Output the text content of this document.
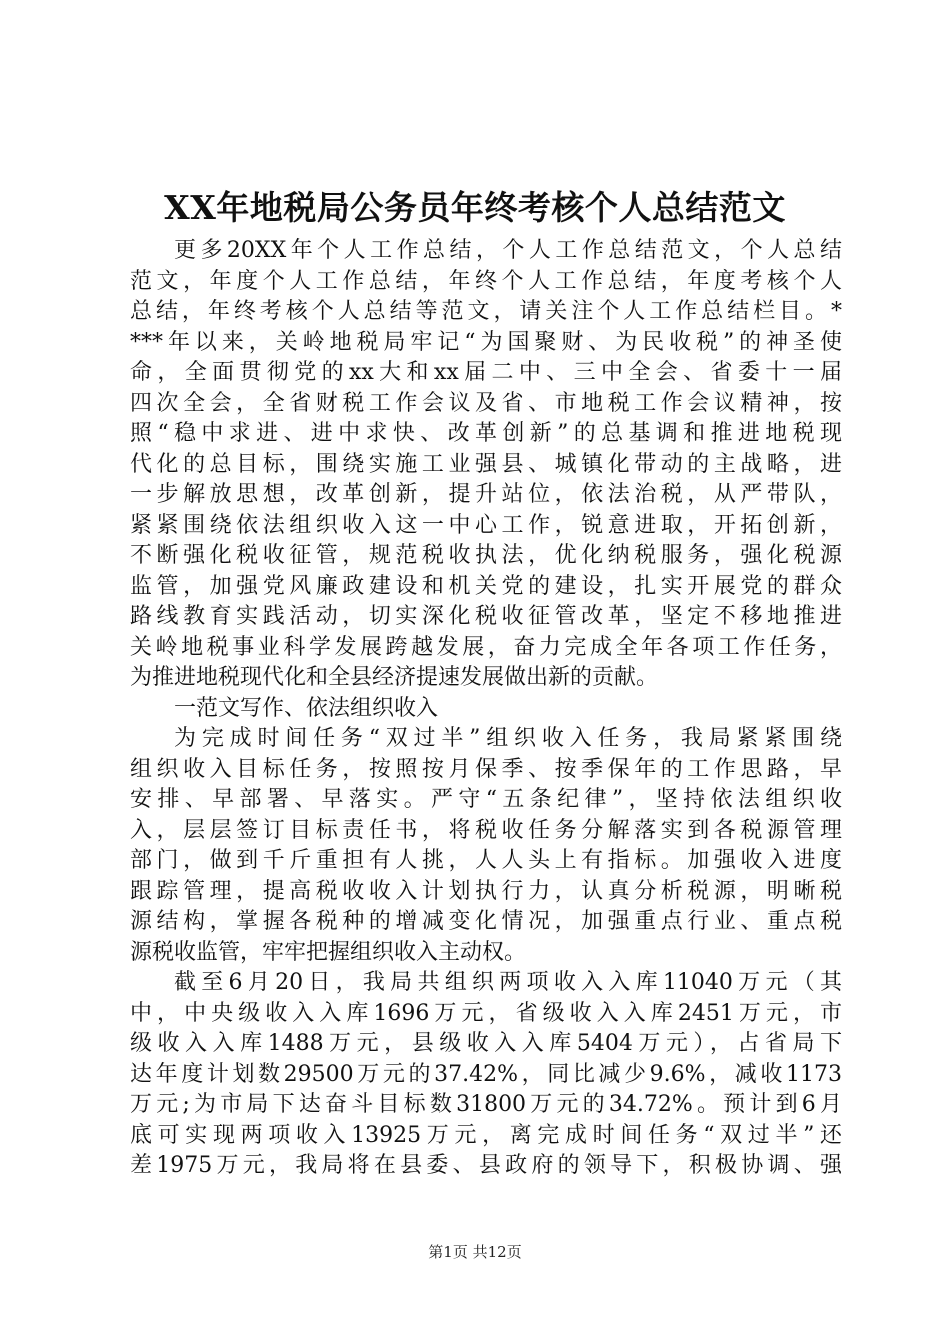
XX年地税局公务员年终考核个人总结范文
更多20XX年个人工作总结，个人工作总结范文，个人总结
范文，年度个人工作总结，年终个人工作总结，年度考核个人
总结，年终考核个人总结等范文，请关注个人工作总结栏目。*
***年以来，关岭地税局牢记“为国聚财、为民收税”的神圣使
命，全面贯彻党的xx大和xx届二中、三中全会、省委十一届
四次全会，全省财税工作会议及省、市地税工作会议精神，按
照“稳中求进、进中求快、改革创新”的总基调和推进地税现
代化的总目标，围绕实施工业强县、城镇化带动的主战略，进
一步解放思想，改革创新，提升站位，依法治税，从严带队，
紧紧围绕依法组织收入这一中心工作，锐意进取，开拓创新，
不断强化税收征管，规范税收执法，优化纳税服务，强化税源
监管，加强党风廉政建设和机关党的建设，扎实开展党的群众
路线教育实践活动，切实深化税收征管改革，坚定不移地推进
关岭地税事业科学发展跨越发展，奋力完成全年各项工作任务，
为推进地税现代化和全县经济提速发展做出新的贡献。
一范文写作、依法组织收入
为完成时间任务“双过半”组织收入任务，我局紧紧围绕
组织收入目标任务，按照按月保季、按季保年的工作思路，早
安排、早部署、早落实。严守“五条纪律”，坚持依法组织收
入，层层签订目标责任书，将税收任务分解落实到各税源管理
部门，做到千斤重担有人挑，人人头上有指标。加强收入进度
跟踪管理，提高税收收入计划执行力，认真分析税源，明晰税
源结构，掌握各税种的增减变化情况，加强重点行业、重点税
源税收监管，牢牢把握组织收入主动权。
截至6月20日，我局共组织两项收入入库11040万元（其
中，中央级收入入库1696万元，省级收入入库2451万元，市
级收入入库1488万元，县级收入入库5404万元），占省局下
达年度计划数29500万元的37.42%，同比减少9.6%，减收1173
万元;为市局下达奋斗目标数31800万元的34.72%。预计到6月
底可实现两项收入13925万元，离完成时间任务“双过半”还
差1975万元，我局将在县委、县政府的领导下，积极协调、强
第1页 共12页
